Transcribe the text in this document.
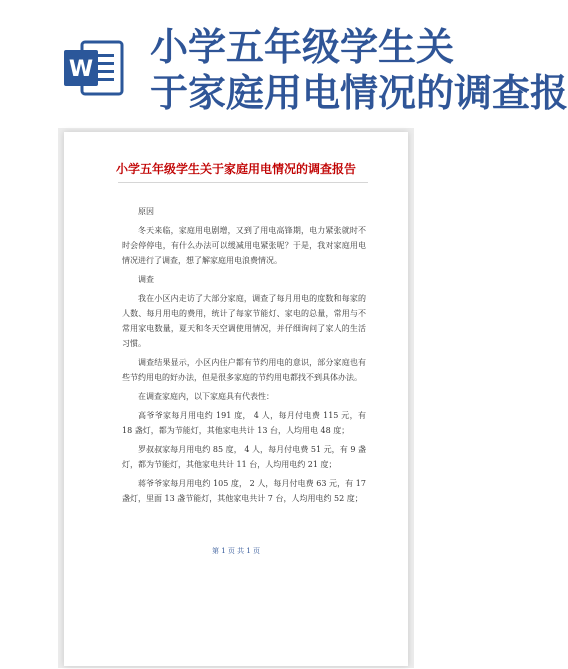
W
小学五年级学生关
于家庭用电情况的调查报
小学五年级学生关于家庭用电情况的调查报告

原因

冬天来临，家庭用电剧增，又到了用电高锋期，电力紧张就时不时会停停电，有什么办法可以缓减用电紧张呢？于是，我对家庭用电情况进行了调查，想了解家庭用电浪费情况。

调查

我在小区内走访了大部分家庭，调查了每月用电的度数和每家的人数、每月用电的费用，统计了每家节能灯、家电的总量，常用与不常用家电数量，夏天和冬天空调使用情况，并仔细询问了家人的生活习惯。

调查结果显示，小区内住户都有节约用电的意识，部分家庭也有些节约用电的好办法，但是很多家庭的节约用电都找不到具体办法。

在调查家庭内，以下家庭具有代表性：

高爷爷家每月用电约 191 度， 4 人，每月付电费 115 元，有 18 盏灯，都为节能灯，其他家电共计 13 台，人均用电 48 度；

罗叔叔家每月用电约 85 度， 4 人，每月付电费 51 元，有 9 盏灯，都为节能灯，其他家电共计 11 台，人均用电约 21 度；

蒋爷爷家每月用电约 105 度， 2 人，每月付电费 63 元，有 17 盏灯，里面 13 盏节能灯，其他家电共计 7 台，人均用电约 52 度；

第 1 页 共 1 页
